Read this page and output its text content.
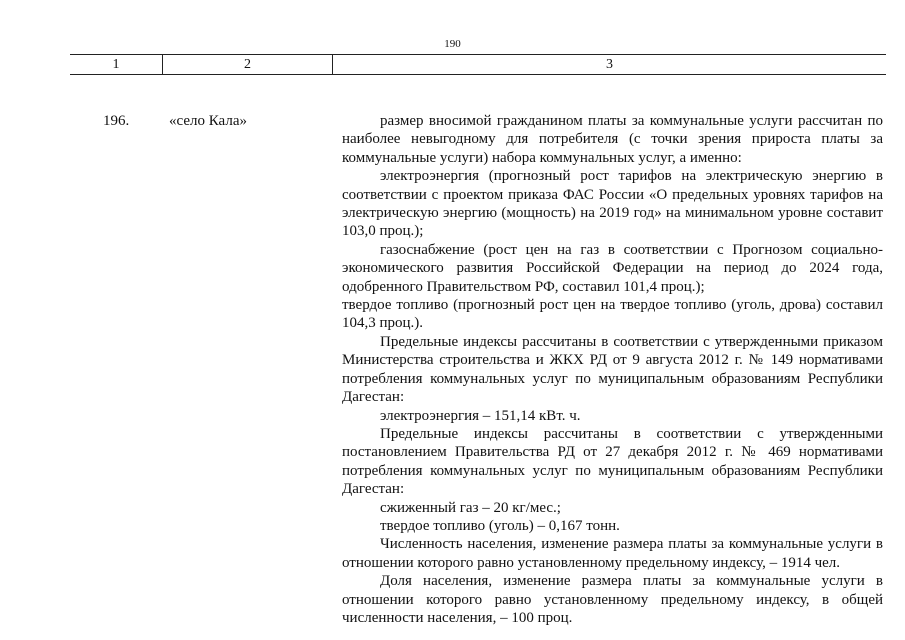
190
1	2	3
196.	«село Кала»	размер вносимой гражданином платы за коммунальные услуги рассчитан по наиболее невыгодному для потребителя (с точки зрения прироста платы за коммунальные услуги) набора коммунальных услуг, а именно:

электроэнергия (прогнозный рост тарифов на электрическую энергию в соответствии с проектом приказа ФАС России «О предельных уровнях тарифов на электрическую энергию (мощность) на 2019 год» на минимальном уровне составит 103,0 проц.);

газоснабжение (рост цен на газ в соответствии с Прогнозом социально-экономического развития Российской Федерации на период до 2024 года, одобренного Правительством РФ, составил 101,4 проц.);

твердое топливо (прогнозный рост цен на твердое топливо (уголь, дрова) составил 104,3 проц.).

Предельные индексы рассчитаны в соответствии с утвержденными приказом Министерства строительства и ЖКХ РД от 9 августа 2012 г. № 149 нормативами потребления коммунальных услуг по муниципальным образованиям Республики Дагестан:

электроэнергия – 151,14 кВт. ч.

Предельные индексы рассчитаны в соответствии с утвержденными постановлением Правительства РД от 27 декабря 2012 г. № 469 нормативами потребления коммунальных услуг по муниципальным образованиям Республики Дагестан:

сжиженный газ – 20 кг/мес.;

твердое топливо (уголь) – 0,167 тонн.

Численность населения, изменение размера платы за коммунальные услуги в отношении которого равно установленному предельному индексу, – 1914 чел.

Доля населения, изменение размера платы за коммунальные услуги в отношении которого равно установленному предельному индексу, в общей численности населения, – 100 проц.
